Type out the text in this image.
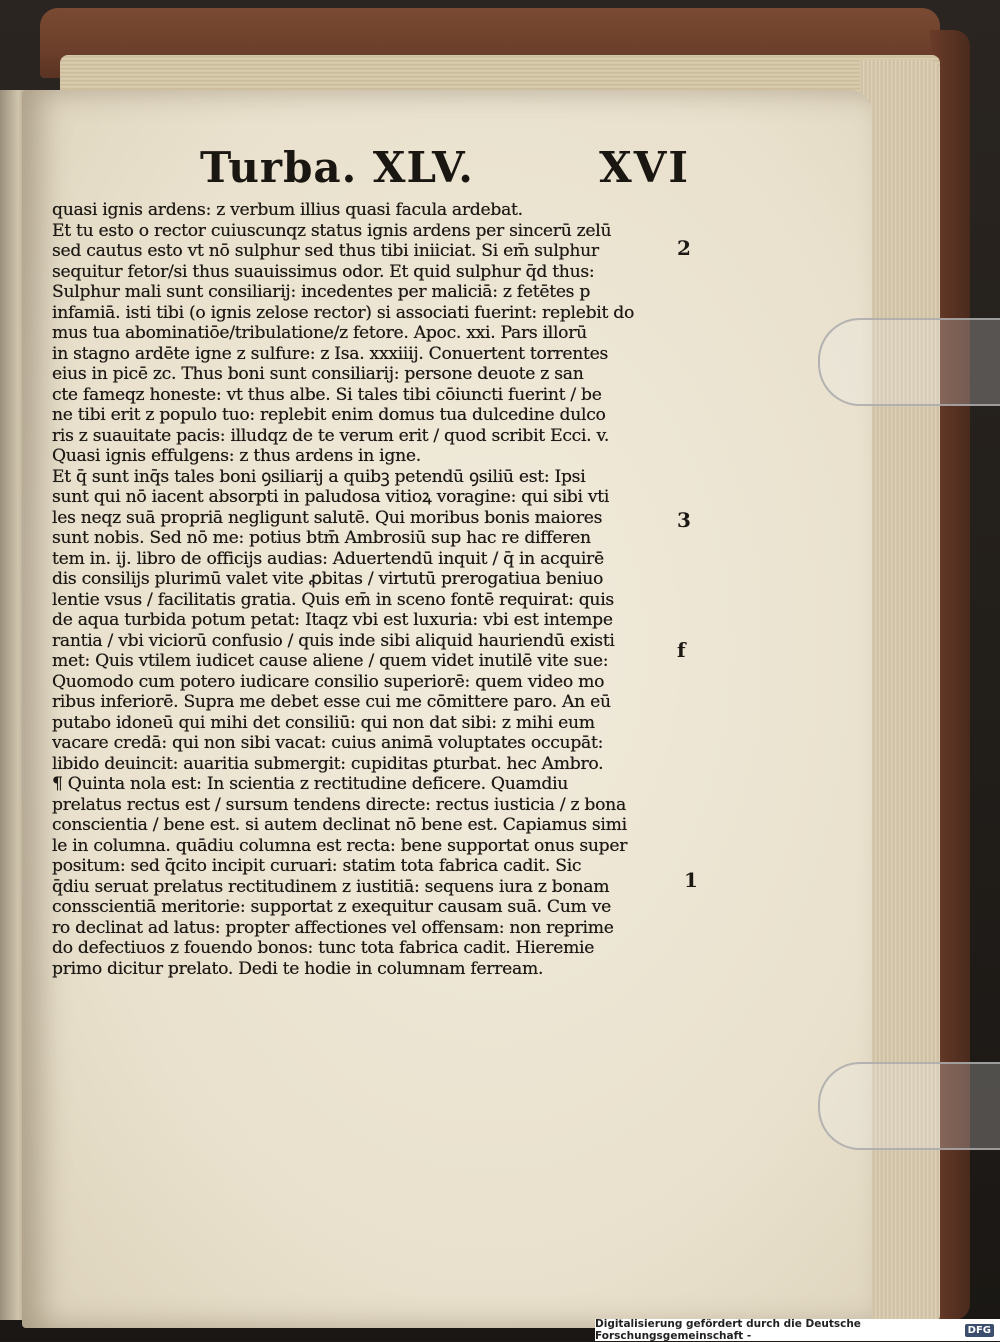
Turba. XLV.	XVI
quasi ignis ardens: z verbum illius quasi facula ardebat.
Et tu esto o rector cuiuscunqz status ignis ardens per sincerū zelū
sed cautus esto vt nō sulphur sed thus tibi iniiciat. Si em̄ sulphur
sequitur fetor/si thus suauissimus odor. Et quid sulphur q̄d thus:
Sulphur mali sunt consiliarij: incedentes per maliciā: z fetētes p
infamiā. isti tibi (o ignis zelose rector) si associati fuerint: replebit do
mus tua abominatiōe/tribulatione/z fetore. Apoc. xxi. Pars illorū
in stagno ardēte igne z sulfure: z Isa. xxxiiij. Conuertent torrentes
eius in picē zc. Thus boni sunt consiliarij: persone deuote z san
cte fameqz honeste: vt thus albe. Si tales tibi cōiuncti fuerint / be
ne tibi erit z populo tuo: replebit enim domus tua dulcedine dulco
ris z suauitate pacis: illudqz de te verum erit / quod scribit Ecci. v.
Quasi ignis effulgens: z thus ardens in igne.
Et q̄ sunt inq̄s tales boni ꝯsiliarij a quibꝫ petendū ꝯsiliū est: Ipsi
sunt qui nō iacent absorpti in paludosa vitioꝝ voragine: qui sibi vti
les neqz suā propriā negligunt salutē. Qui moribus bonis maiores
sunt nobis. Sed nō me: potius btm̄ Ambrosiū sup hac re differen
tem in. ij. libro de officijs audias: Aduertendū inquit / q̄ in acquirē
dis consilijs plurimū valet vite ꝓbitas / virtutū prerogatiua beniuo
lentie vsus / facilitatis gratia. Quis em̄ in sceno fontē requirat: quis
de aqua turbida potum petat: Itaqz vbi est luxuria: vbi est intempe
rantia / vbi viciorū confusio / quis inde sibi aliquid hauriendū existi
met: Quis vtilem iudicet cause aliene / quem videt inutilē vite sue:
Quomodo cum potero iudicare consilio superiorē: quem video mo
ribus inferiorē. Supra me debet esse cui me cōmittere paro. An eū
putabo idoneū qui mihi det consiliū: qui non dat sibi: z mihi eum
vacare credā: qui non sibi vacat: cuius animā voluptates occupāt:
libido deuincit: auaritia submergit: cupiditas ꝑturbat. hec Ambro.
¶ Quinta nola est: In scientia z rectitudine deficere. Quamdiu
prelatus rectus est / sursum tendens directe: rectus iusticia / z bona
conscientia / bene est. si autem declinat nō bene est. Capiamus simi
le in columna. quādiu columna est recta: bene supportat onus super
positum: sed q̄cito incipit curuari: statim tota fabrica cadit. Sic
q̄diu seruat prelatus rectitudinem z iustitiā: sequens iura z bonam
consscientiā meritorie: supportat z exequitur causam suā. Cum ve
ro declinat ad latus: propter affectiones vel offensam: non reprime
do defectiuos z fouendo bonos: tunc tota fabrica cadit. Hieremie
primo dicitur prelato. Dedi te hodie in columnam ferream.
2
3
f
1
Digitalisierung gefördert durch die Deutsche Forschungsgemeinschaft -	DFG
